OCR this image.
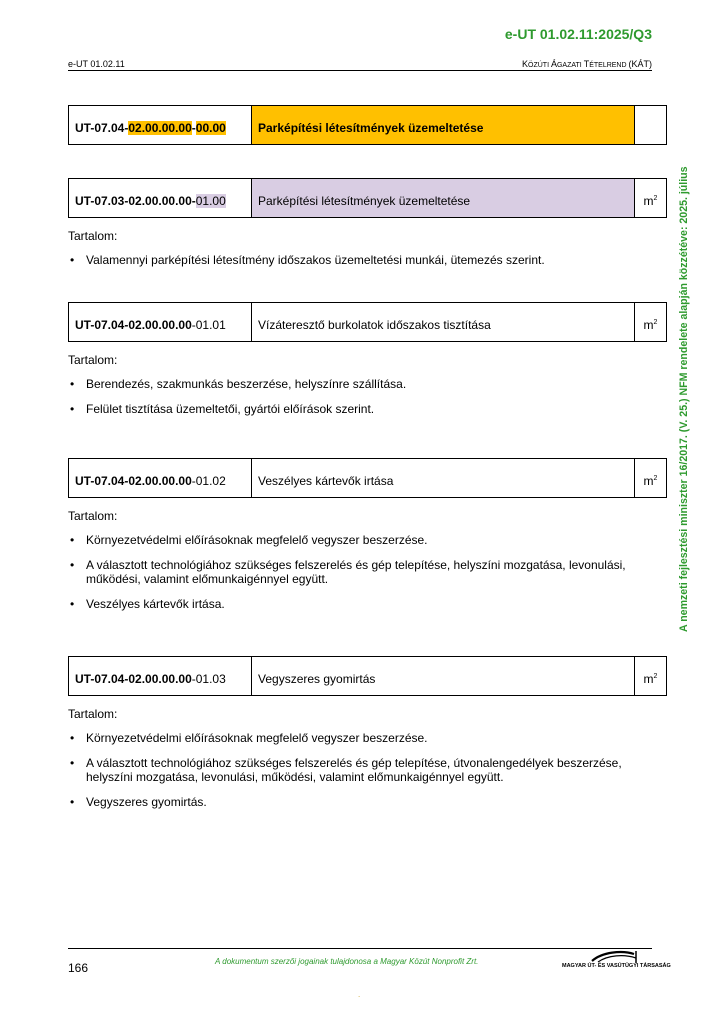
e-UT 01.02.11:2025/Q3
e-UT 01.02.11	KÖZÚTI ÁGAZATI TÉTELREND (KÁT)
A nemzeti fejlesztési miniszter 16/2017. (V. 25.) NFM rendelete alapján közzétéve: 2025. július
UT-07.04-02.00.00.00-00.00	Parképítési létesítmények üzemeltetése	
UT-07.03-02.00.00.00-01.00	Parképítési létesítmények üzemeltetése	$m^2$
Tartalom:
• Valamennyi parképítési létesítmény időszakos üzemeltetési munkái, ütemezés szerint.
UT-07.04-02.00.00.00-01.01	Vízáteresztő burkolatok időszakos tisztítása	$m^2$
Tartalom:
• Berendezés, szakmunkás beszerzése, helyszínre szállítása.
• Felület tisztítása üzemeltetői, gyártói előírások szerint.
UT-07.04-02.00.00.00-01.02	Veszélyes kártevők irtása	$m^2$
Tartalom:
• Környezetvédelmi előírásoknak megfelelő vegyszer beszerzése.
• A választott technológiához szükséges felszerelés és gép telepítése, helyszíni mozgatása, levonulási, működési, valamint előmunkaigénnyel együtt.
• Veszélyes kártevők irtása.
UT-07.04-02.00.00.00-01.03	Vegyszeres gyomirtás	$m^2$
Tartalom:
• Környezetvédelmi előírásoknak megfelelő vegyszer beszerzése.
• A választott technológiához szükséges felszerelés és gép telepítése, útvonalengedélyek beszerzése, helyszíni mozgatása, levonulási, működési, valamint előmunkaigénnyel együtt.
• Vegyszeres gyomirtás.
166	A dokumentum szerzői jogainak tulajdonosa a Magyar Közút Nonprofit Zrt.	MAGYAR ÚT- ÉS VASÚTÜGYI TÁRSASÁG
.
